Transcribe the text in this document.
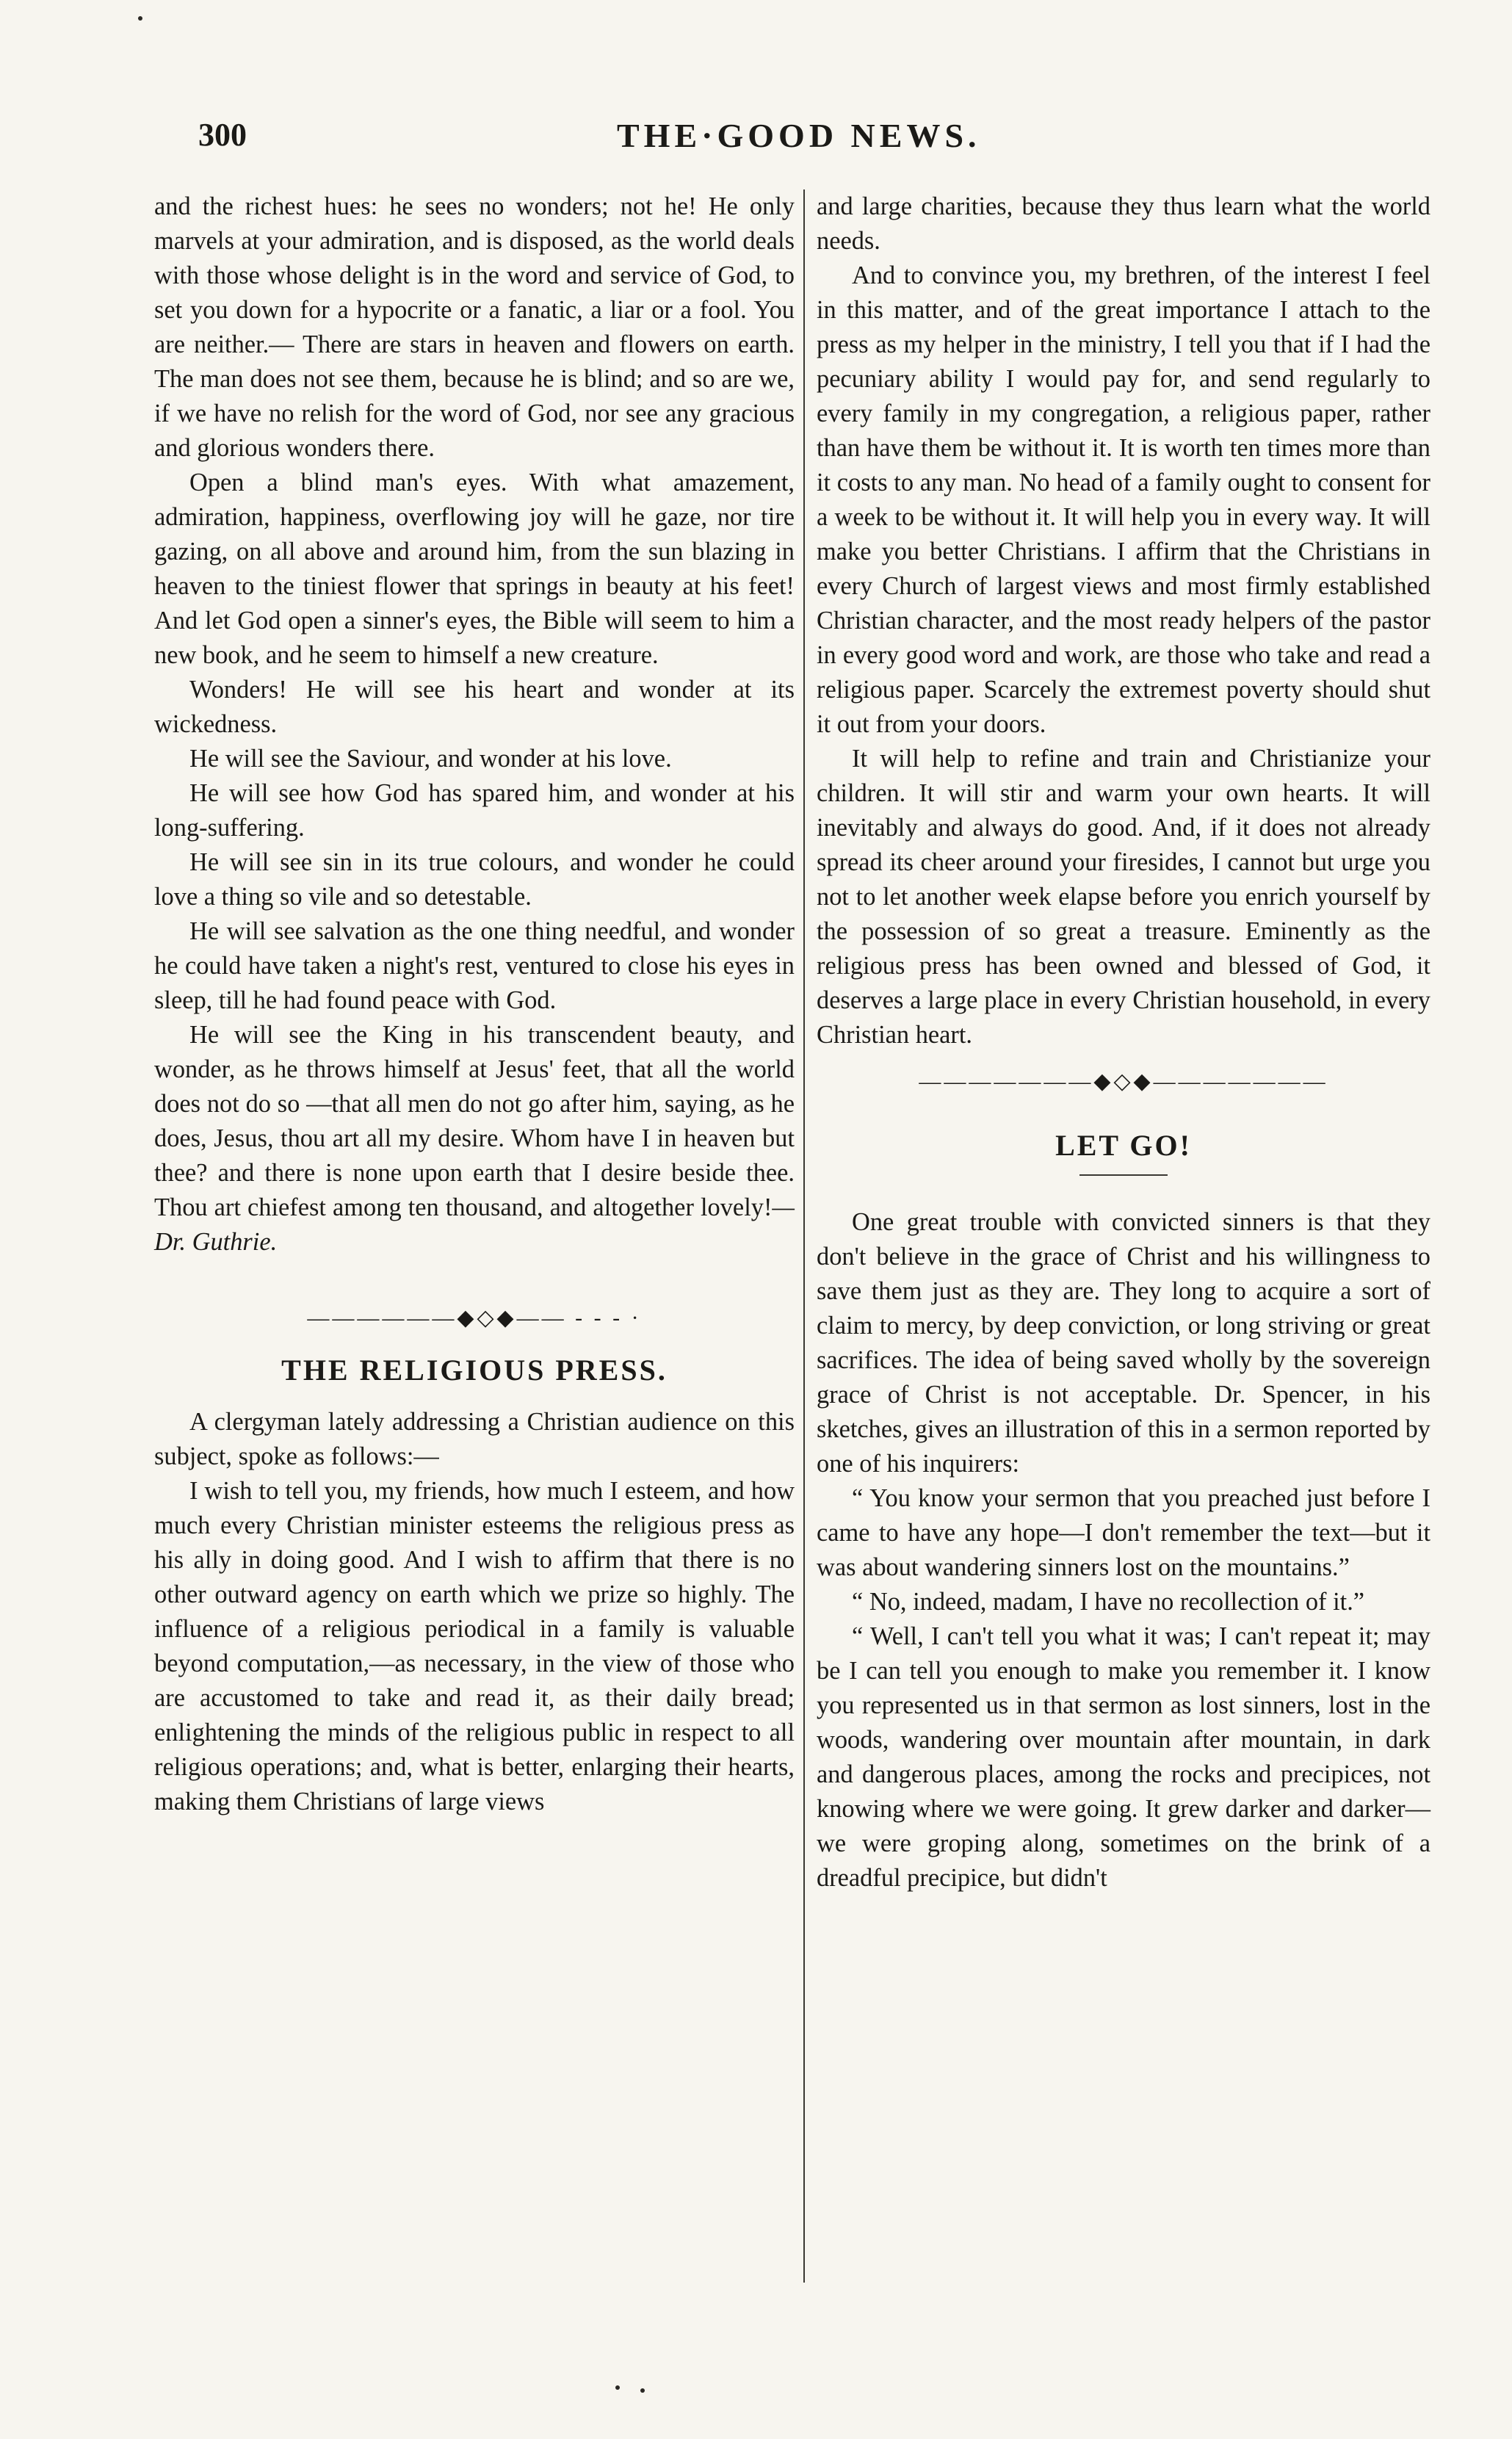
300	THE·GOOD NEWS.

and the richest hues: he sees no wonders; not he! He only marvels at your admiration, and is disposed, as the world deals with those whose delight is in the word and service of God, to set you down for a hypocrite or a fanatic, a liar or a fool. You are neither.— There are stars in heaven and flowers on earth. The man does not see them, because he is blind; and so are we, if we have no relish for the word of God, nor see any gracious and glorious wonders there.

Open a blind man's eyes. With what amazement, admiration, happiness, overflowing joy will he gaze, nor tire gazing, on all above and around him, from the sun blazing in heaven to the tiniest flower that springs in beauty at his feet! And let God open a sinner's eyes, the Bible will seem to him a new book, and he seem to himself a new creature.

Wonders! He will see his heart and wonder at its wickedness.

He will see the Saviour, and wonder at his love.

He will see how God has spared him, and wonder at his long-suffering.

He will see sin in its true colours, and wonder he could love a thing so vile and so detestable.

He will see salvation as the one thing needful, and wonder he could have taken a night's rest, ventured to close his eyes in sleep, till he had found peace with God.

He will see the King in his transcendent beauty, and wonder, as he throws himself at Jesus' feet, that all the world does not do so —that all men do not go after him, saying, as he does, Jesus, thou art all my desire. Whom have I in heaven but thee? and there is none upon earth that I desire beside thee. Thou art chiefest among ten thousand, and altogether lovely!—Dr. Guthrie.

——————◆◇◆—— - - - ·

THE RELIGIOUS PRESS.

A clergyman lately addressing a Christian audience on this subject, spoke as follows:—

I wish to tell you, my friends, how much I esteem, and how much every Christian minister esteems the religious press as his ally in doing good. And I wish to affirm that there is no other outward agency on earth which we prize so highly. The influence of a religious periodical in a family is valuable beyond computation,—as necessary, in the view of those who are accustomed to take and read it, as their daily bread; enlightening the minds of the religious public in respect to all religious operations; and, what is better, enlarging their hearts, making them Christians of large views

and large charities, because they thus learn what the world needs.

And to convince you, my brethren, of the interest I feel in this matter, and of the great importance I attach to the press as my helper in the ministry, I tell you that if I had the pecuniary ability I would pay for, and send regularly to every family in my congregation, a religious paper, rather than have them be without it. It is worth ten times more than it costs to any man. No head of a family ought to consent for a week to be without it. It will help you in every way. It will make you better Christians. I affirm that the Christians in every Church of largest views and most firmly established Christian character, and the most ready helpers of the pastor in every good word and work, are those who take and read a religious paper. Scarcely the extremest poverty should shut it out from your doors.

It will help to refine and train and Christianize your children. It will stir and warm your own hearts. It will inevitably and always do good. And, if it does not already spread its cheer around your firesides, I cannot but urge you not to let another week elapse before you enrich yourself by the possession of so great a treasure. Eminently as the religious press has been owned and blessed of God, it deserves a large place in every Christian household, in every Christian heart.

———————◆◇◆———————

LET GO!

One great trouble with convicted sinners is that they don't believe in the grace of Christ and his willingness to save them just as they are. They long to acquire a sort of claim to mercy, by deep conviction, or long striving or great sacrifices. The idea of being saved wholly by the sovereign grace of Christ is not acceptable. Dr. Spencer, in his sketches, gives an illustration of this in a sermon reported by one of his inquirers:

“ You know your sermon that you preached just before I came to have any hope—I don't remember the text—but it was about wandering sinners lost on the mountains.”

“ No, indeed, madam, I have no recollection of it.”

“ Well, I can't tell you what it was; I can't repeat it; may be I can tell you enough to make you remember it. I know you represented us in that sermon as lost sinners, lost in the woods, wandering over mountain after mountain, in dark and dangerous places, among the rocks and precipices, not knowing where we were going. It grew darker and darker—we were groping along, sometimes on the brink of a dreadful precipice, but didn't
